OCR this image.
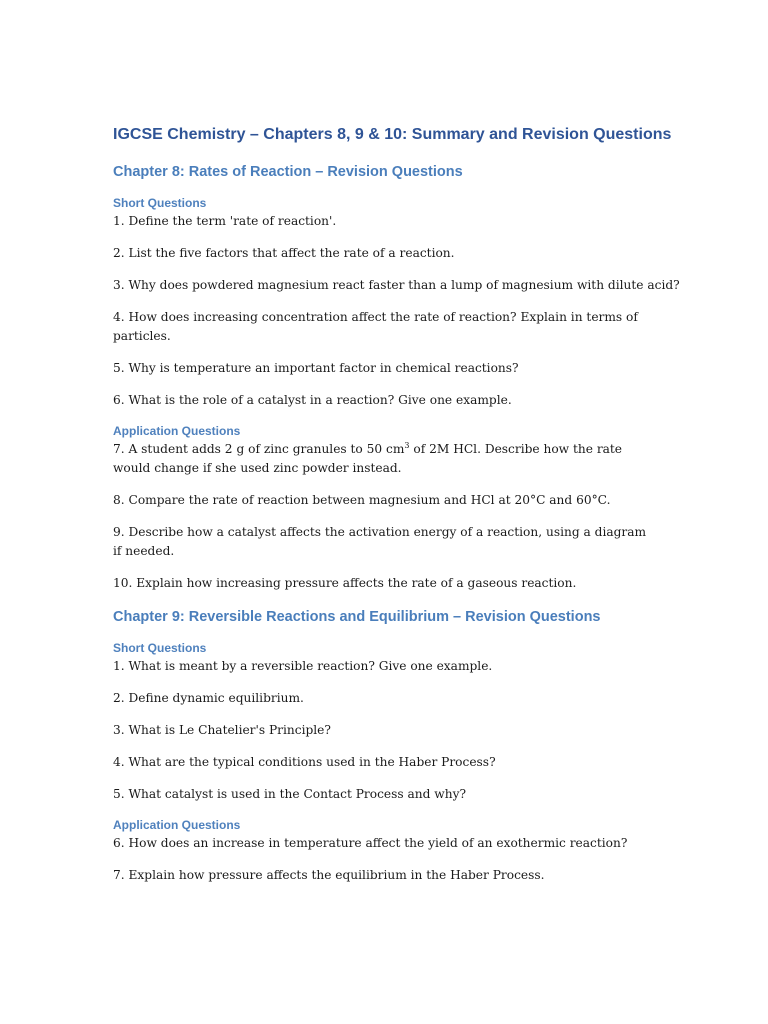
IGCSE Chemistry – Chapters 8, 9 & 10: Summary and Revision Questions
Chapter 8: Rates of Reaction – Revision Questions
Short Questions

1. Define the term 'rate of reaction'.

2. List the five factors that affect the rate of a reaction.

3. Why does powdered magnesium react faster than a lump of magnesium with dilute acid?

4. How does increasing concentration affect the rate of reaction? Explain in terms of particles.

5. Why is temperature an important factor in chemical reactions?

6. What is the role of a catalyst in a reaction? Give one example.

Application Questions

7. A student adds 2 g of zinc granules to 50 $cm^3$ of 2M HCl. Describe how the rate would change if she used zinc powder instead.

8. Compare the rate of reaction between magnesium and HCl at 20°C and 60°C.

9. Describe how a catalyst affects the activation energy of a reaction, using a diagram if needed.

10. Explain how increasing pressure affects the rate of a gaseous reaction.

Chapter 9: Reversible Reactions and Equilibrium – Revision Questions
Short Questions

1. What is meant by a reversible reaction? Give one example.

2. Define dynamic equilibrium.

3. What is Le Chatelier's Principle?

4. What are the typical conditions used in the Haber Process?

5. What catalyst is used in the Contact Process and why?

Application Questions

6. How does an increase in temperature affect the yield of an exothermic reaction?

7. Explain how pressure affects the equilibrium in the Haber Process.
